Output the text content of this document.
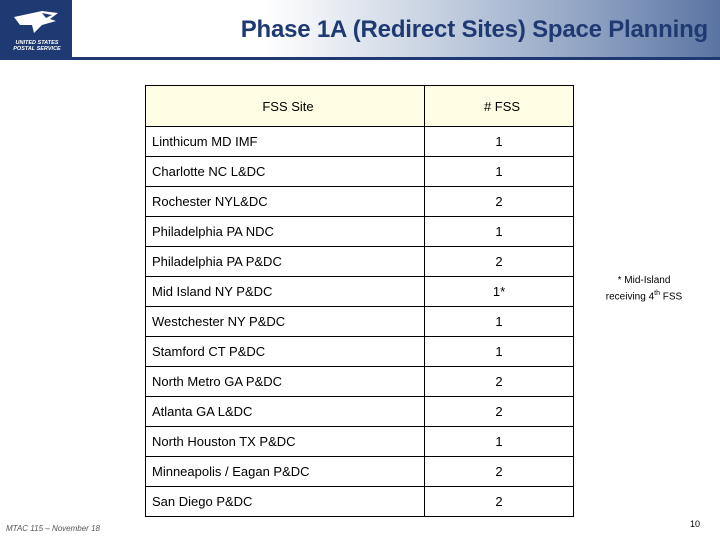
UNITED STATES POSTAL SERVICE
Phase 1A (Redirect Sites) Space Planning
FSS Site	# FSS
Linthicum MD IMF	1
Charlotte NC L&DC	1
Rochester NYL&DC	2
Philadelphia PA NDC	1
Philadelphia PA P&DC	2
Mid Island NY P&DC	1*
Westchester NY P&DC	1
Stamford CT P&DC	1
North Metro GA P&DC	2
Atlanta GA L&DC	2
North Houston TX P&DC	1
Minneapolis / Eagan P&DC	2
San Diego P&DC	2
* Mid-Island
receiving 4th FSS
MTAC 115 – November 18	10
